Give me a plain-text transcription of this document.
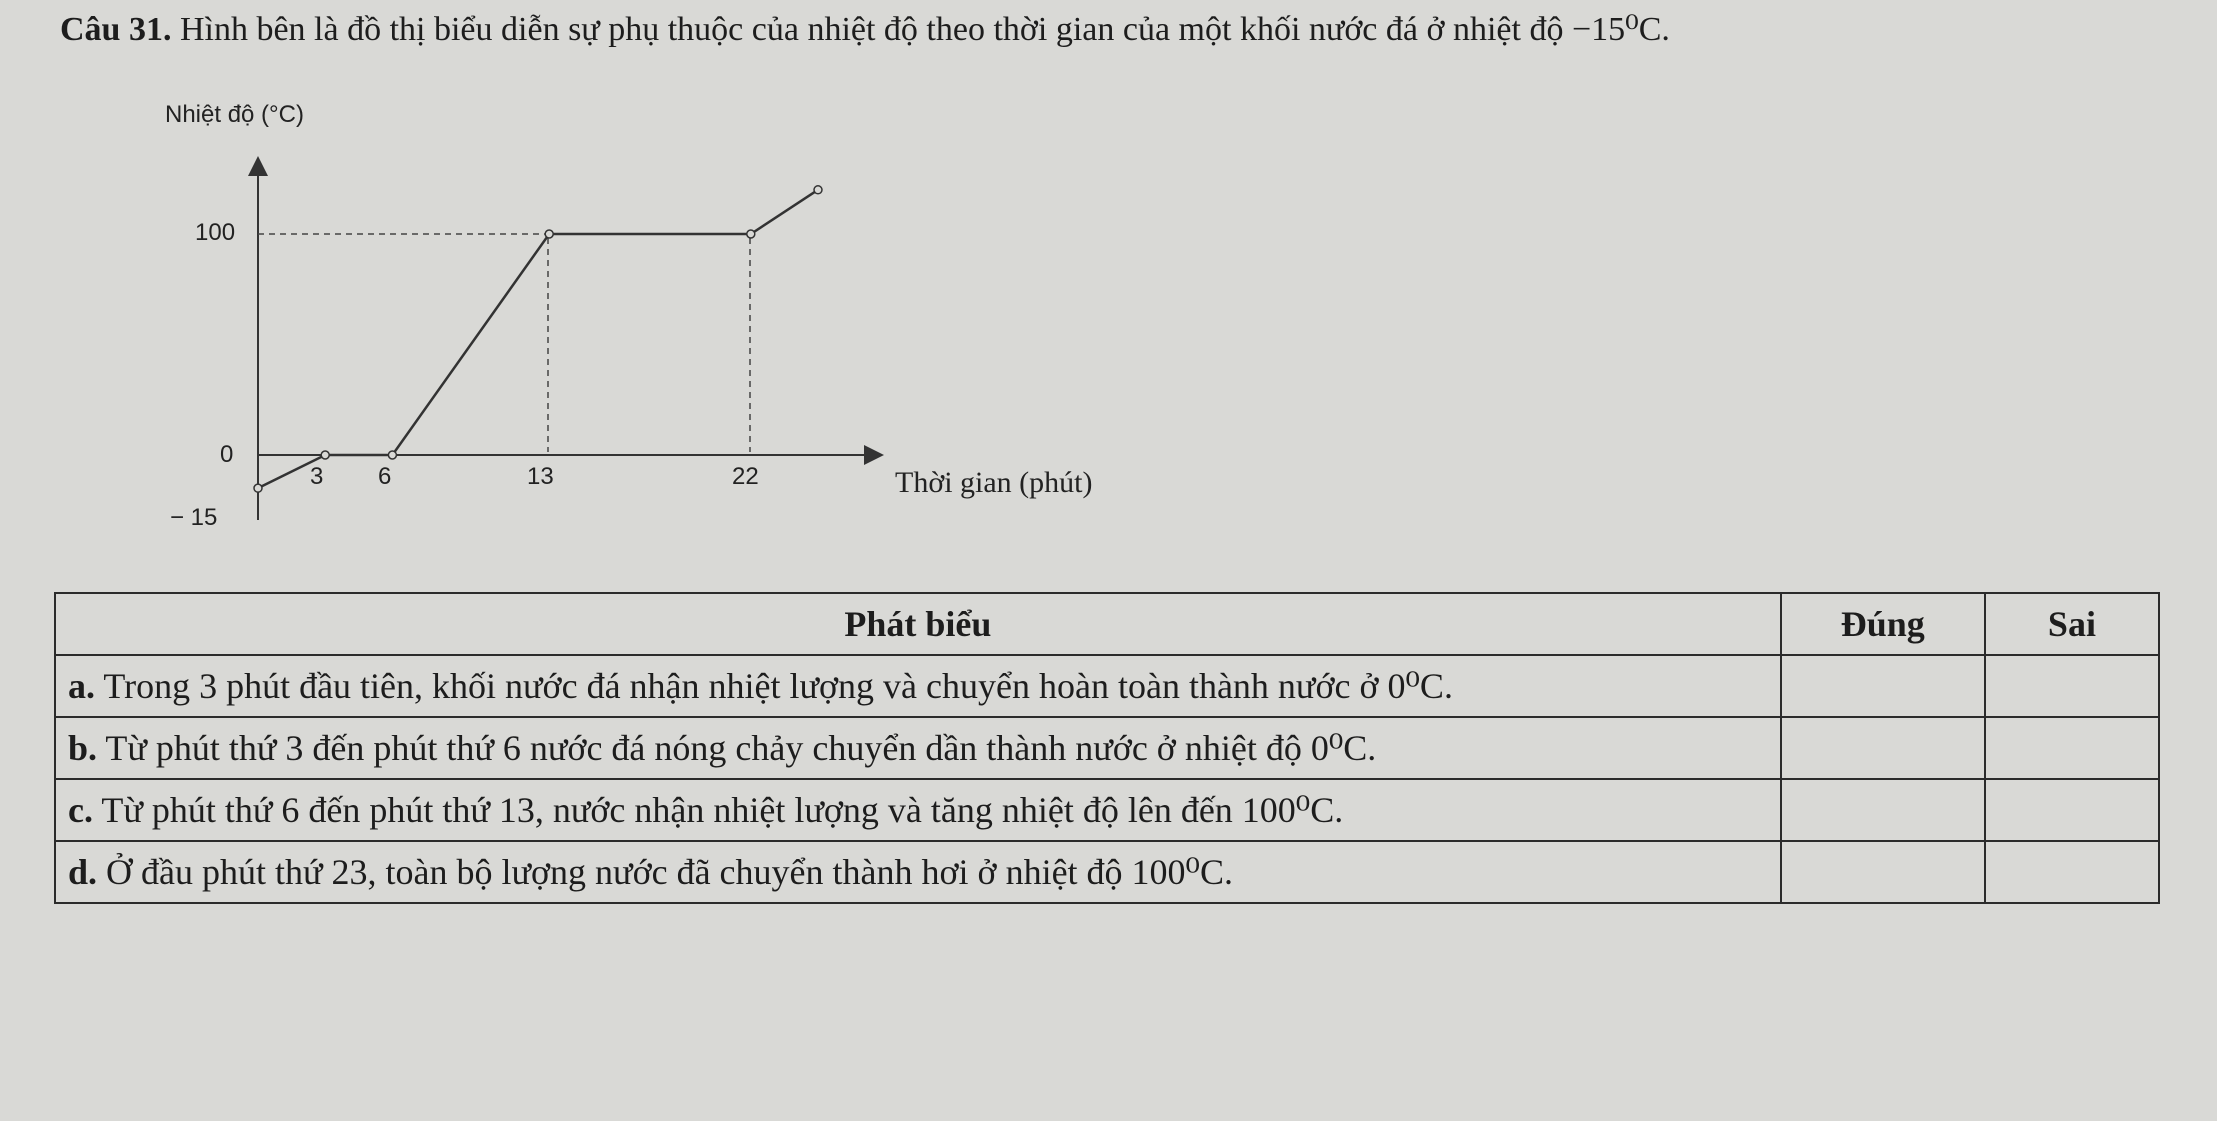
Câu 31. Hình bên là đồ thị biểu diễn sự phụ thuộc của nhiệt độ theo thời gian của một khối nước đá ở nhiệt độ −15⁰C.
Nhiệt độ (°C)
Thời gian (phút)
100
0
− 15
3 6	13	22
Phát biểu	Đúng	Sai
a. Trong 3 phút đầu tiên, khối nước đá nhận nhiệt lượng và chuyển hoàn toàn thành nước ở 0⁰C.		
b. Từ phút thứ 3 đến phút thứ 6 nước đá nóng chảy chuyển dần thành nước ở nhiệt độ 0⁰C.		
c. Từ phút thứ 6 đến phút thứ 13, nước nhận nhiệt lượng và tăng nhiệt độ lên đến 100⁰C.		
d. Ở đầu phút thứ 23, toàn bộ lượng nước đã chuyển thành hơi ở nhiệt độ 100⁰C.		
